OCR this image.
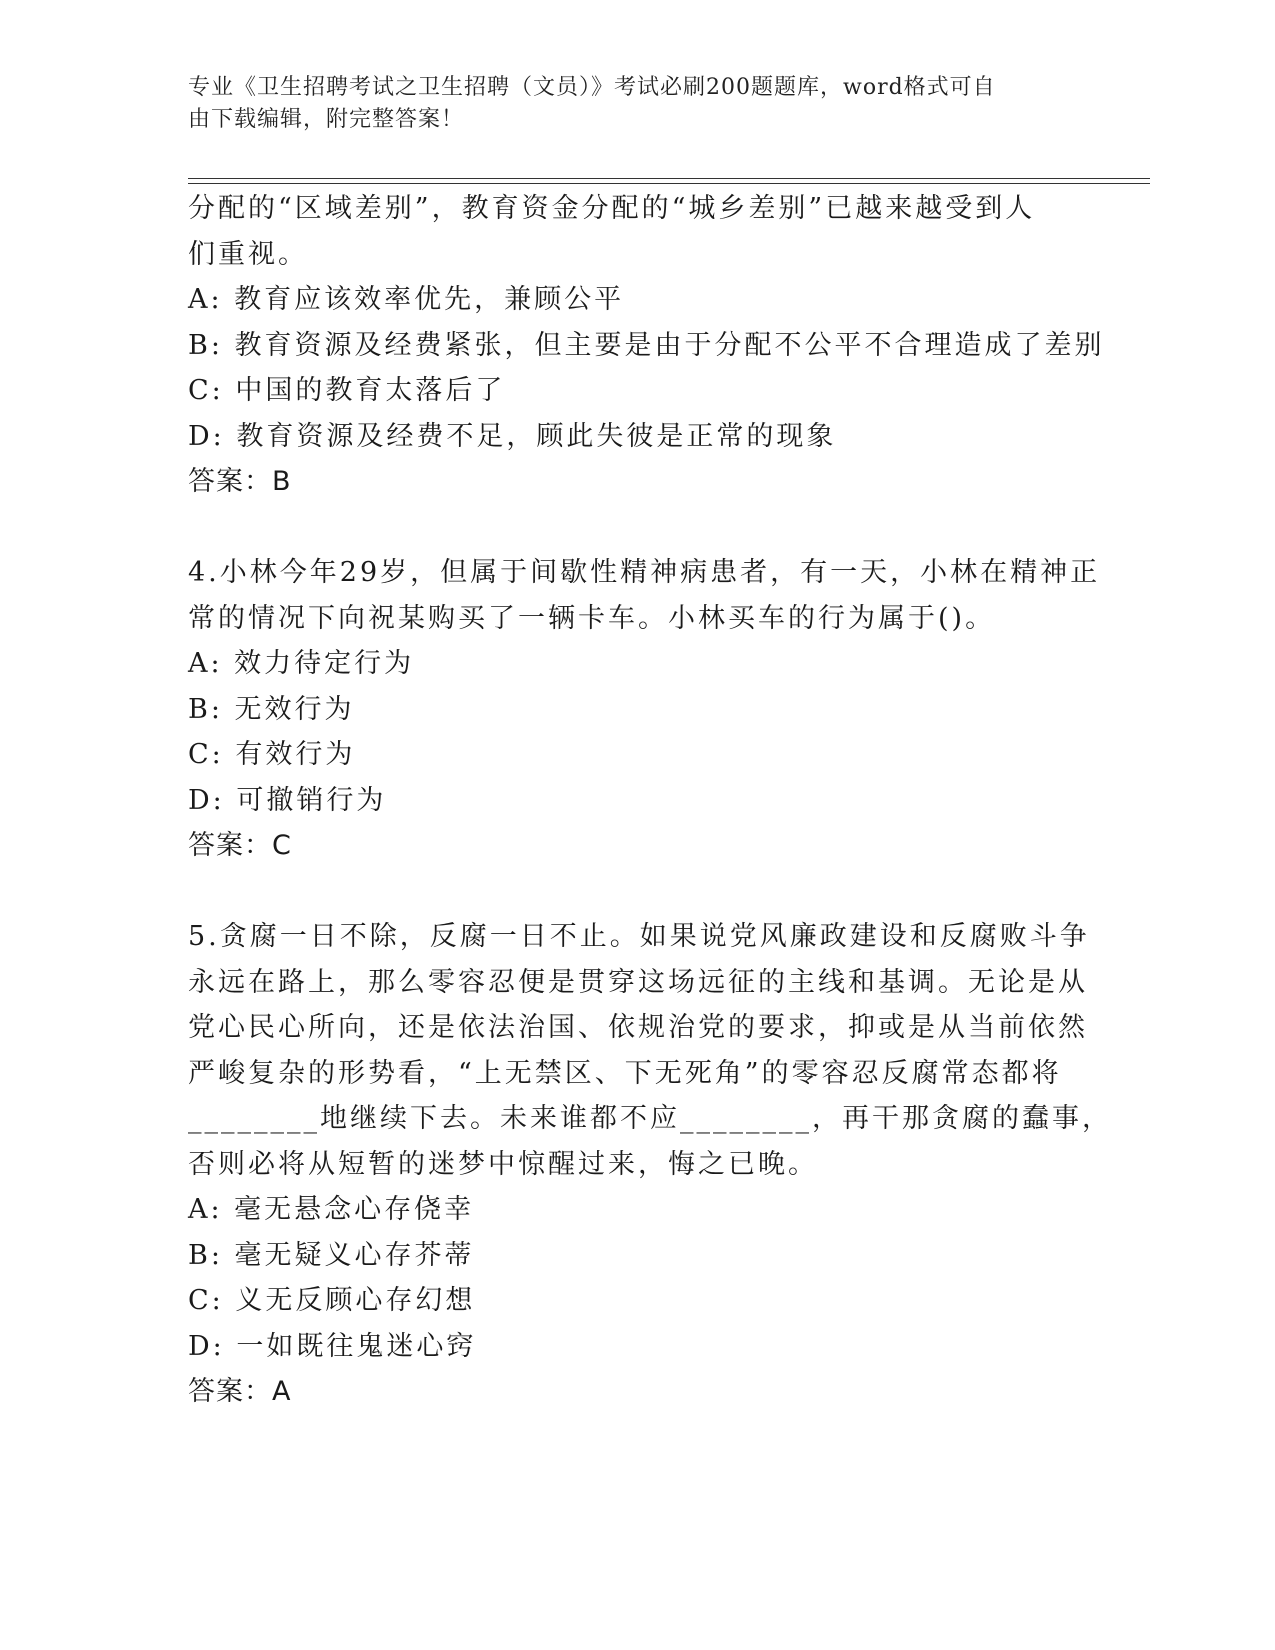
专业《卫生招聘考试之卫生招聘（文员）》考试必刷200题题库，word格式可自
由下载编辑，附完整答案！
分配的“区域差别”，教育资金分配的“城乡差别”已越来越受到人
们重视。
A: 教育应该效率优先，兼顾公平
B: 教育资源及经费紧张，但主要是由于分配不公平不合理造成了差别
C: 中国的教育太落后了
D: 教育资源及经费不足，顾此失彼是正常的现象
答案：B
4.小林今年29岁，但属于间歇性精神病患者，有一天，小林在精神正
常的情况下向祝某购买了一辆卡车。小林买车的行为属于()。
A: 效力待定行为
B: 无效行为
C: 有效行为
D: 可撤销行为
答案：C
5.贪腐一日不除，反腐一日不止。如果说党风廉政建设和反腐败斗争
永远在路上，那么零容忍便是贯穿这场远征的主线和基调。无论是从
党心民心所向，还是依法治国、依规治党的要求，抑或是从当前依然
严峻复杂的形势看，“上无禁区、下无死角”的零容忍反腐常态都将
________地继续下去。未来谁都不应________，再干那贪腐的蠢事，
否则必将从短暂的迷梦中惊醒过来，悔之已晚。
A: 毫无悬念心存侥幸
B: 毫无疑义心存芥蒂
C: 义无反顾心存幻想
D: 一如既往鬼迷心窍
答案：A
